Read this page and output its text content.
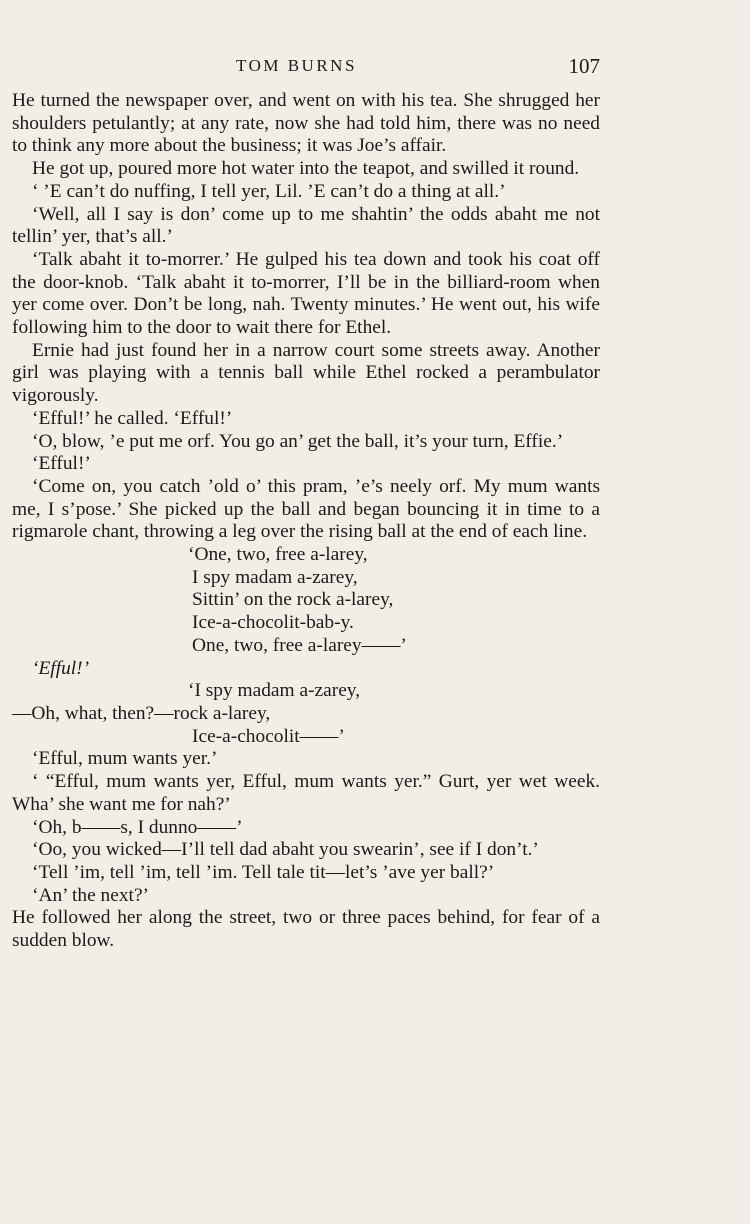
TOM BURNS	107

He turned the newspaper over, and went on with his tea. She shrugged her shoulders petulantly; at any rate, now she had told him, there was no need to think any more about the business; it was Joe’s affair.

He got up, poured more hot water into the teapot, and swilled it round.

‘ ’E can’t do nuffing, I tell yer, Lil. ’E can’t do a thing at all.’

‘Well, all I say is don’ come up to me shahtin’ the odds abaht me not tellin’ yer, that’s all.’

‘Talk abaht it to-morrer.’ He gulped his tea down and took his coat off the door-knob. ‘Talk abaht it to-morrer, I’ll be in the billiard-room when yer come over. Don’t be long, nah. Twenty minutes.’ He went out, his wife following him to the door to wait there for Ethel.

Ernie had just found her in a narrow court some streets away. Another girl was playing with a tennis ball while Ethel rocked a perambulator vigorously.

‘Efful!’ he called. ‘Efful!’

‘O, blow, ’e put me orf. You go an’ get the ball, it’s your turn, Effie.’

‘Efful!’

‘Come on, you catch ’old o’ this pram, ’e’s neely orf. My mum wants me, I s’pose.’ She picked up the ball and began bouncing it in time to a rigmarole chant, throwing a leg over the rising ball at the end of each line.

‘One, two, free a-larey,
I spy madam a-zarey,
Sittin’ on the rock a-larey,
Ice-a-chocolit-bab-y.
One, two, free a-larey——’

‘Efful!’

‘I spy madam a-zarey,
—Oh, what, then?—rock a-larey,
Ice-a-chocolit——’

‘Efful, mum wants yer.’

‘ “Efful, mum wants yer, Efful, mum wants yer.” Gurt, yer wet week. Wha’ she want me for nah?’

‘Oh, b——s, I dunno——’

‘Oo, you wicked—I’ll tell dad abaht you swearin’, see if I don’t.’

‘Tell ’im, tell ’im, tell ’im. Tell tale tit—let’s ’ave yer ball?’

‘An’ the next?’

He followed her along the street, two or three paces behind, for fear of a sudden blow.
